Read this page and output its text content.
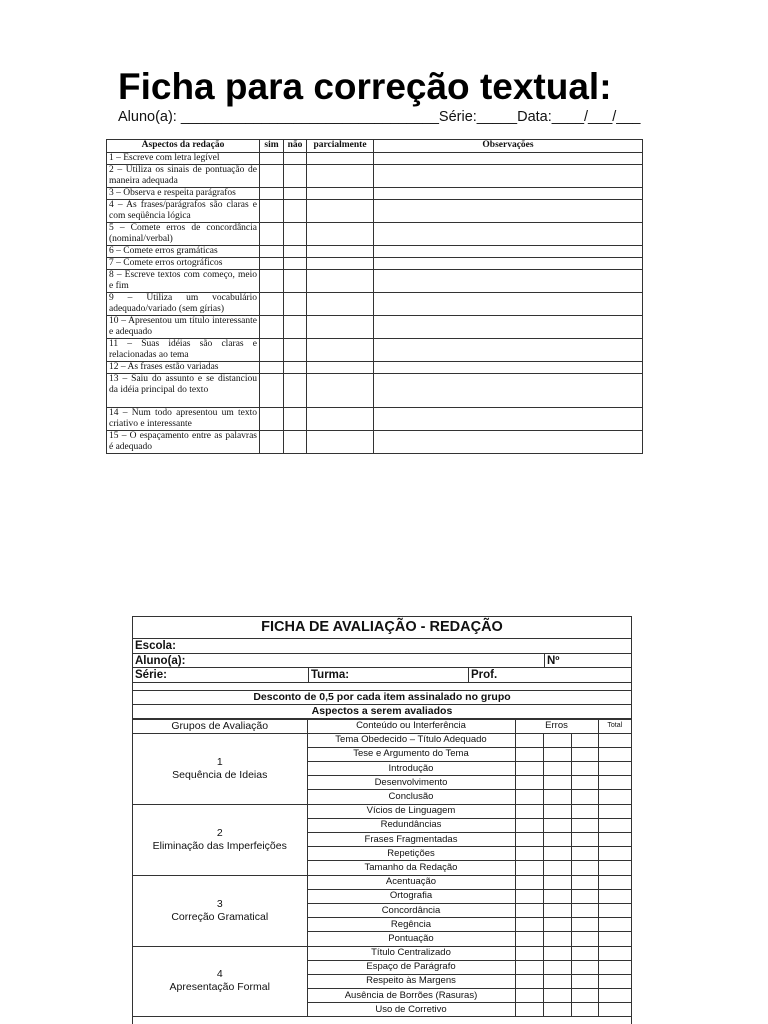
Ficha para correção textual:
Aluno(a): ________________________________Série:_____Data:____/___/___
Aspectos da redação	sim	não	parcialmente	Observações
1 – Escreve com letra legível				
2 – Utiliza os sinais de pontuação de maneira adequada				
3 – Observa e respeita parágrafos				
4 – As frases/parágrafos são claras e com seqüência lógica				
5 – Comete erros de concordância (nominal/verbal)				
6 – Comete erros gramáticas				
7 – Comete erros ortográficos				
8 – Escreve textos com começo, meio e fim				
9 – Utiliza um vocabulário adequado/variado (sem gírias)				
10 – Apresentou um título interessante e adequado				
11 – Suas idéias são claras e relacionadas ao tema				
12 – As frases estão variadas				
13 – Saiu do assunto e se distanciou da idéia principal do texto				
14 – Num todo apresentou um texto criativo e interessante				
15 – O espaçamento entre as palavras é adequado				
FICHA DE AVALIAÇÃO - REDAÇÃO
Escola:
Aluno(a):	Nº
Série:	Turma:	Prof.
Desconto de 0,5 por cada item assinalado no grupo
Aspectos a serem avaliados
Grupos de Avaliação	Conteúdo ou Interferência	Erros			Total

1
Sequência de Ideias	Tema Obedecido – Título Adequado				
	Tese e Argumento do Tema				
	Introdução				
	Desenvolvimento				
	Conclusão				

2
Eliminação das Imperfeições	Vícios de Linguagem				
	Redundâncias				
	Frases Fragmentadas				
	Repetições				
	Tamanho da Redação				

3
Correção Gramatical	Acentuação				
	Ortografia				
	Concordância				
	Regência				
	Pontuação				

4
Apresentação Formal	Título Centralizado				
	Espaço de Parágrafo				
	Respeito às Margens				
	Ausência de Borrões (Rasuras)				
	Uso de Corretivo				
